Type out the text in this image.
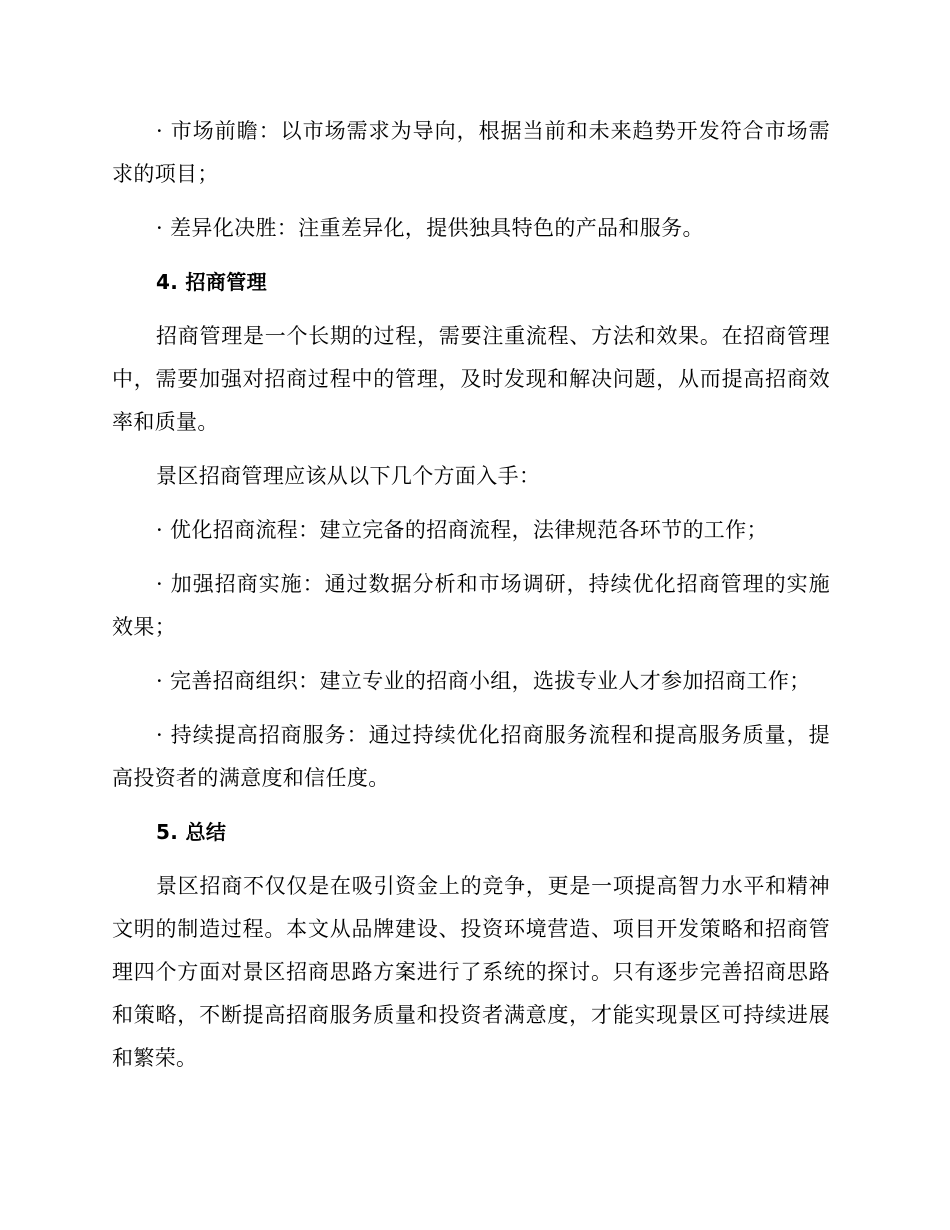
· 市场前瞻：以市场需求为导向，根据当前和未来趋势开发符合市场需求的项目；

· 差异化决胜：注重差异化，提供独具特色的产品和服务。

4. 招商管理

招商管理是一个长期的过程，需要注重流程、方法和效果。在招商管理中，需要加强对招商过程中的管理，及时发现和解决问题，从而提高招商效率和质量。

景区招商管理应该从以下几个方面入手：

· 优化招商流程：建立完备的招商流程，法律规范各环节的工作；

· 加强招商实施：通过数据分析和市场调研，持续优化招商管理的实施效果；

· 完善招商组织：建立专业的招商小组，选拔专业人才参加招商工作；

· 持续提高招商服务：通过持续优化招商服务流程和提高服务质量，提高投资者的满意度和信任度。

5. 总结

景区招商不仅仅是在吸引资金上的竞争，更是一项提高智力水平和精神文明的制造过程。本文从品牌建设、投资环境营造、项目开发策略和招商管理四个方面对景区招商思路方案进行了系统的探讨。只有逐步完善招商思路和策略，不断提高招商服务质量和投资者满意度，才能实现景区可持续进展和繁荣。
